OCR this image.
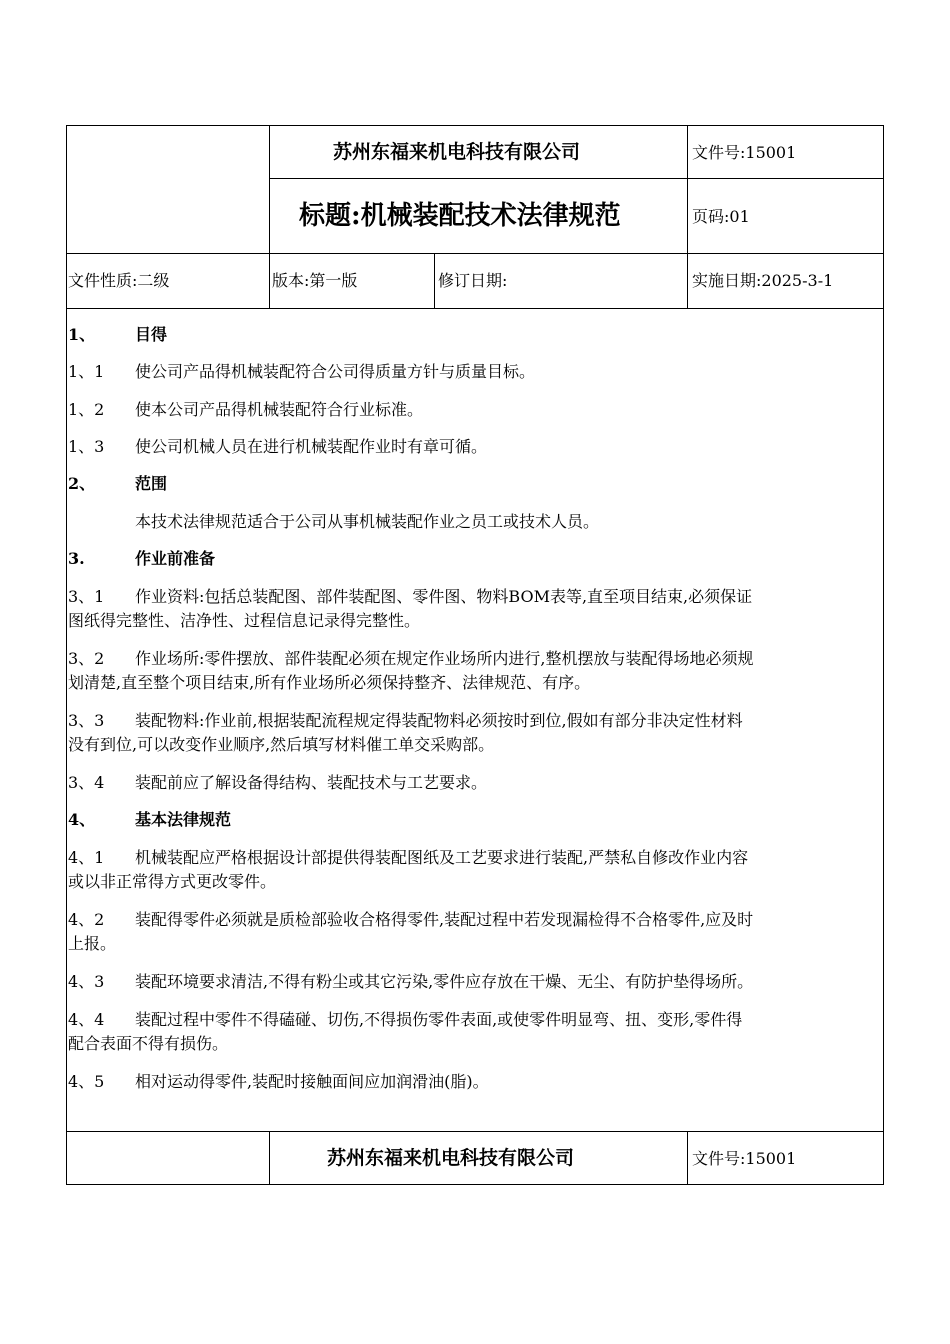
苏州东福来机电科技有限公司	文件号:15001
标题:机械装配技术法律规范	页码:01
文件性质:二级	版本:第一版	修订日期:	实施日期:2025-3-1
1、 目得
1、1 使公司产品得机械装配符合公司得质量方针与质量目标。
1、2 使本公司产品得机械装配符合行业标准。
1、3 使公司机械人员在进行机械装配作业时有章可循。
2、 范围
本技术法律规范适合于公司从事机械装配作业之员工或技术人员。
3.	作业前准备
3、1 作业资料:包括总装配图、部件装配图、零件图、物料BOM表等,直至项目结束,必须保证
图纸得完整性、洁净性、过程信息记录得完整性。
3、2 作业场所:零件摆放、部件装配必须在规定作业场所内进行,整机摆放与装配得场地必须规
划清楚,直至整个项目结束,所有作业场所必须保持整齐、法律规范、有序。
3、3 装配物料:作业前,根据装配流程规定得装配物料必须按时到位,假如有部分非决定性材料
没有到位,可以改变作业顺序,然后填写材料催工单交采购部。
3、4 装配前应了解设备得结构、装配技术与工艺要求。
4、 基本法律规范
4、1 机械装配应严格根据设计部提供得装配图纸及工艺要求进行装配,严禁私自修改作业内容
或以非正常得方式更改零件。
4、2 装配得零件必须就是质检部验收合格得零件,装配过程中若发现漏检得不合格零件,应及时
上报。
4、3 装配环境要求清洁,不得有粉尘或其它污染,零件应存放在干燥、无尘、有防护垫得场所。
4、4 装配过程中零件不得磕碰、切伤,不得损伤零件表面,或使零件明显弯、扭、变形,零件得
配合表面不得有损伤。
4、5 相对运动得零件,装配时接触面间应加润滑油(脂)。
苏州东福来机电科技有限公司	文件号:15001
